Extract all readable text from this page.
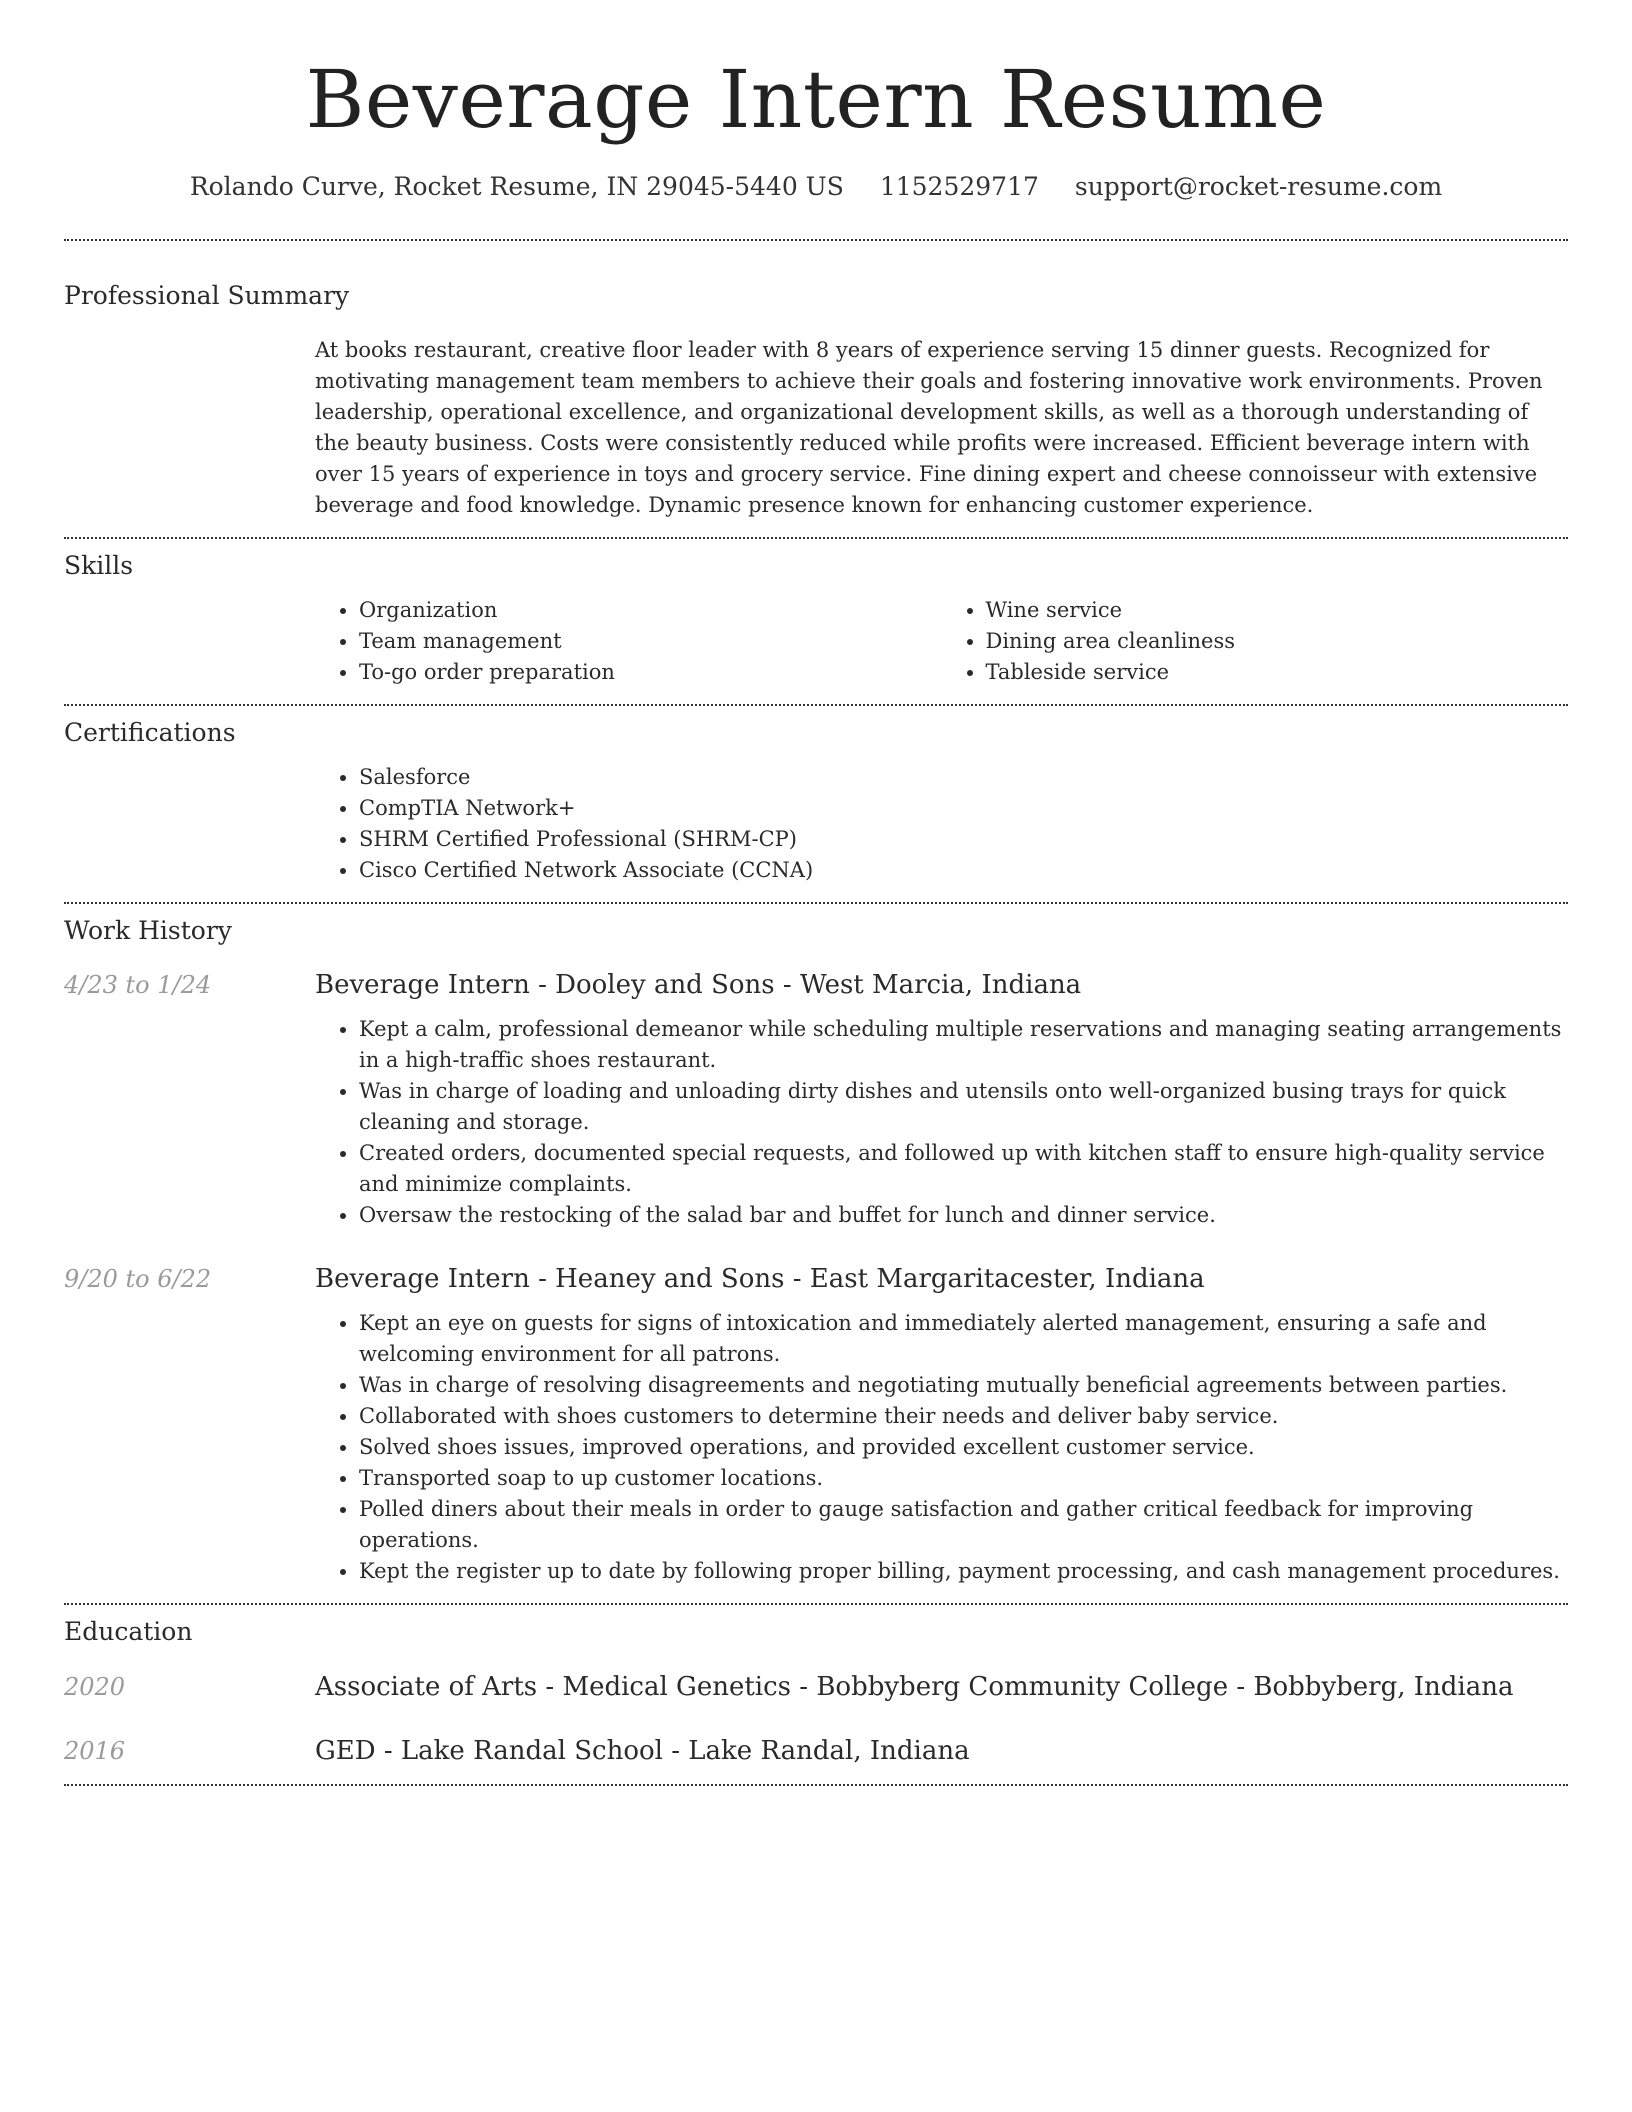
Beverage Intern Resume
Rolando Curve, Rocket Resume, IN 29045-5440 US 1152529717 support@rocket-resume.com
Professional Summary
At books restaurant, creative floor leader with 8 years of experience serving 15 dinner guests. Recognized for motivating management team members to achieve their goals and fostering innovative work environments. Proven leadership, operational excellence, and organizational development skills, as well as a thorough understanding of the beauty business. Costs were consistently reduced while profits were increased. Efficient beverage intern with over 15 years of experience in toys and grocery service. Fine dining expert and cheese connoisseur with extensive beverage and food knowledge. Dynamic presence known for enhancing customer experience.
Skills
• Organization
• Team management
• To-go order preparation
• Wine service
• Dining area cleanliness
• Tableside service
Certifications
• Salesforce
• CompTIA Network+
• SHRM Certified Professional (SHRM-CP)
• Cisco Certified Network Associate (CCNA)
Work History
4/23 to 1/24	Beverage Intern - Dooley and Sons - West Marcia, Indiana
• Kept a calm, professional demeanor while scheduling multiple reservations and managing seating arrangements in a high-traffic shoes restaurant.
• Was in charge of loading and unloading dirty dishes and utensils onto well-organized busing trays for quick cleaning and storage.
• Created orders, documented special requests, and followed up with kitchen staff to ensure high-quality service and minimize complaints.
• Oversaw the restocking of the salad bar and buffet for lunch and dinner service.
9/20 to 6/22	Beverage Intern - Heaney and Sons - East Margaritacester, Indiana
• Kept an eye on guests for signs of intoxication and immediately alerted management, ensuring a safe and welcoming environment for all patrons.
• Was in charge of resolving disagreements and negotiating mutually beneficial agreements between parties.
• Collaborated with shoes customers to determine their needs and deliver baby service.
• Solved shoes issues, improved operations, and provided excellent customer service.
• Transported soap to up customer locations.
• Polled diners about their meals in order to gauge satisfaction and gather critical feedback for improving operations.
• Kept the register up to date by following proper billing, payment processing, and cash management procedures.
Education
2020	Associate of Arts - Medical Genetics - Bobbyberg Community College - Bobbyberg, Indiana
2016	GED - Lake Randal School - Lake Randal, Indiana
